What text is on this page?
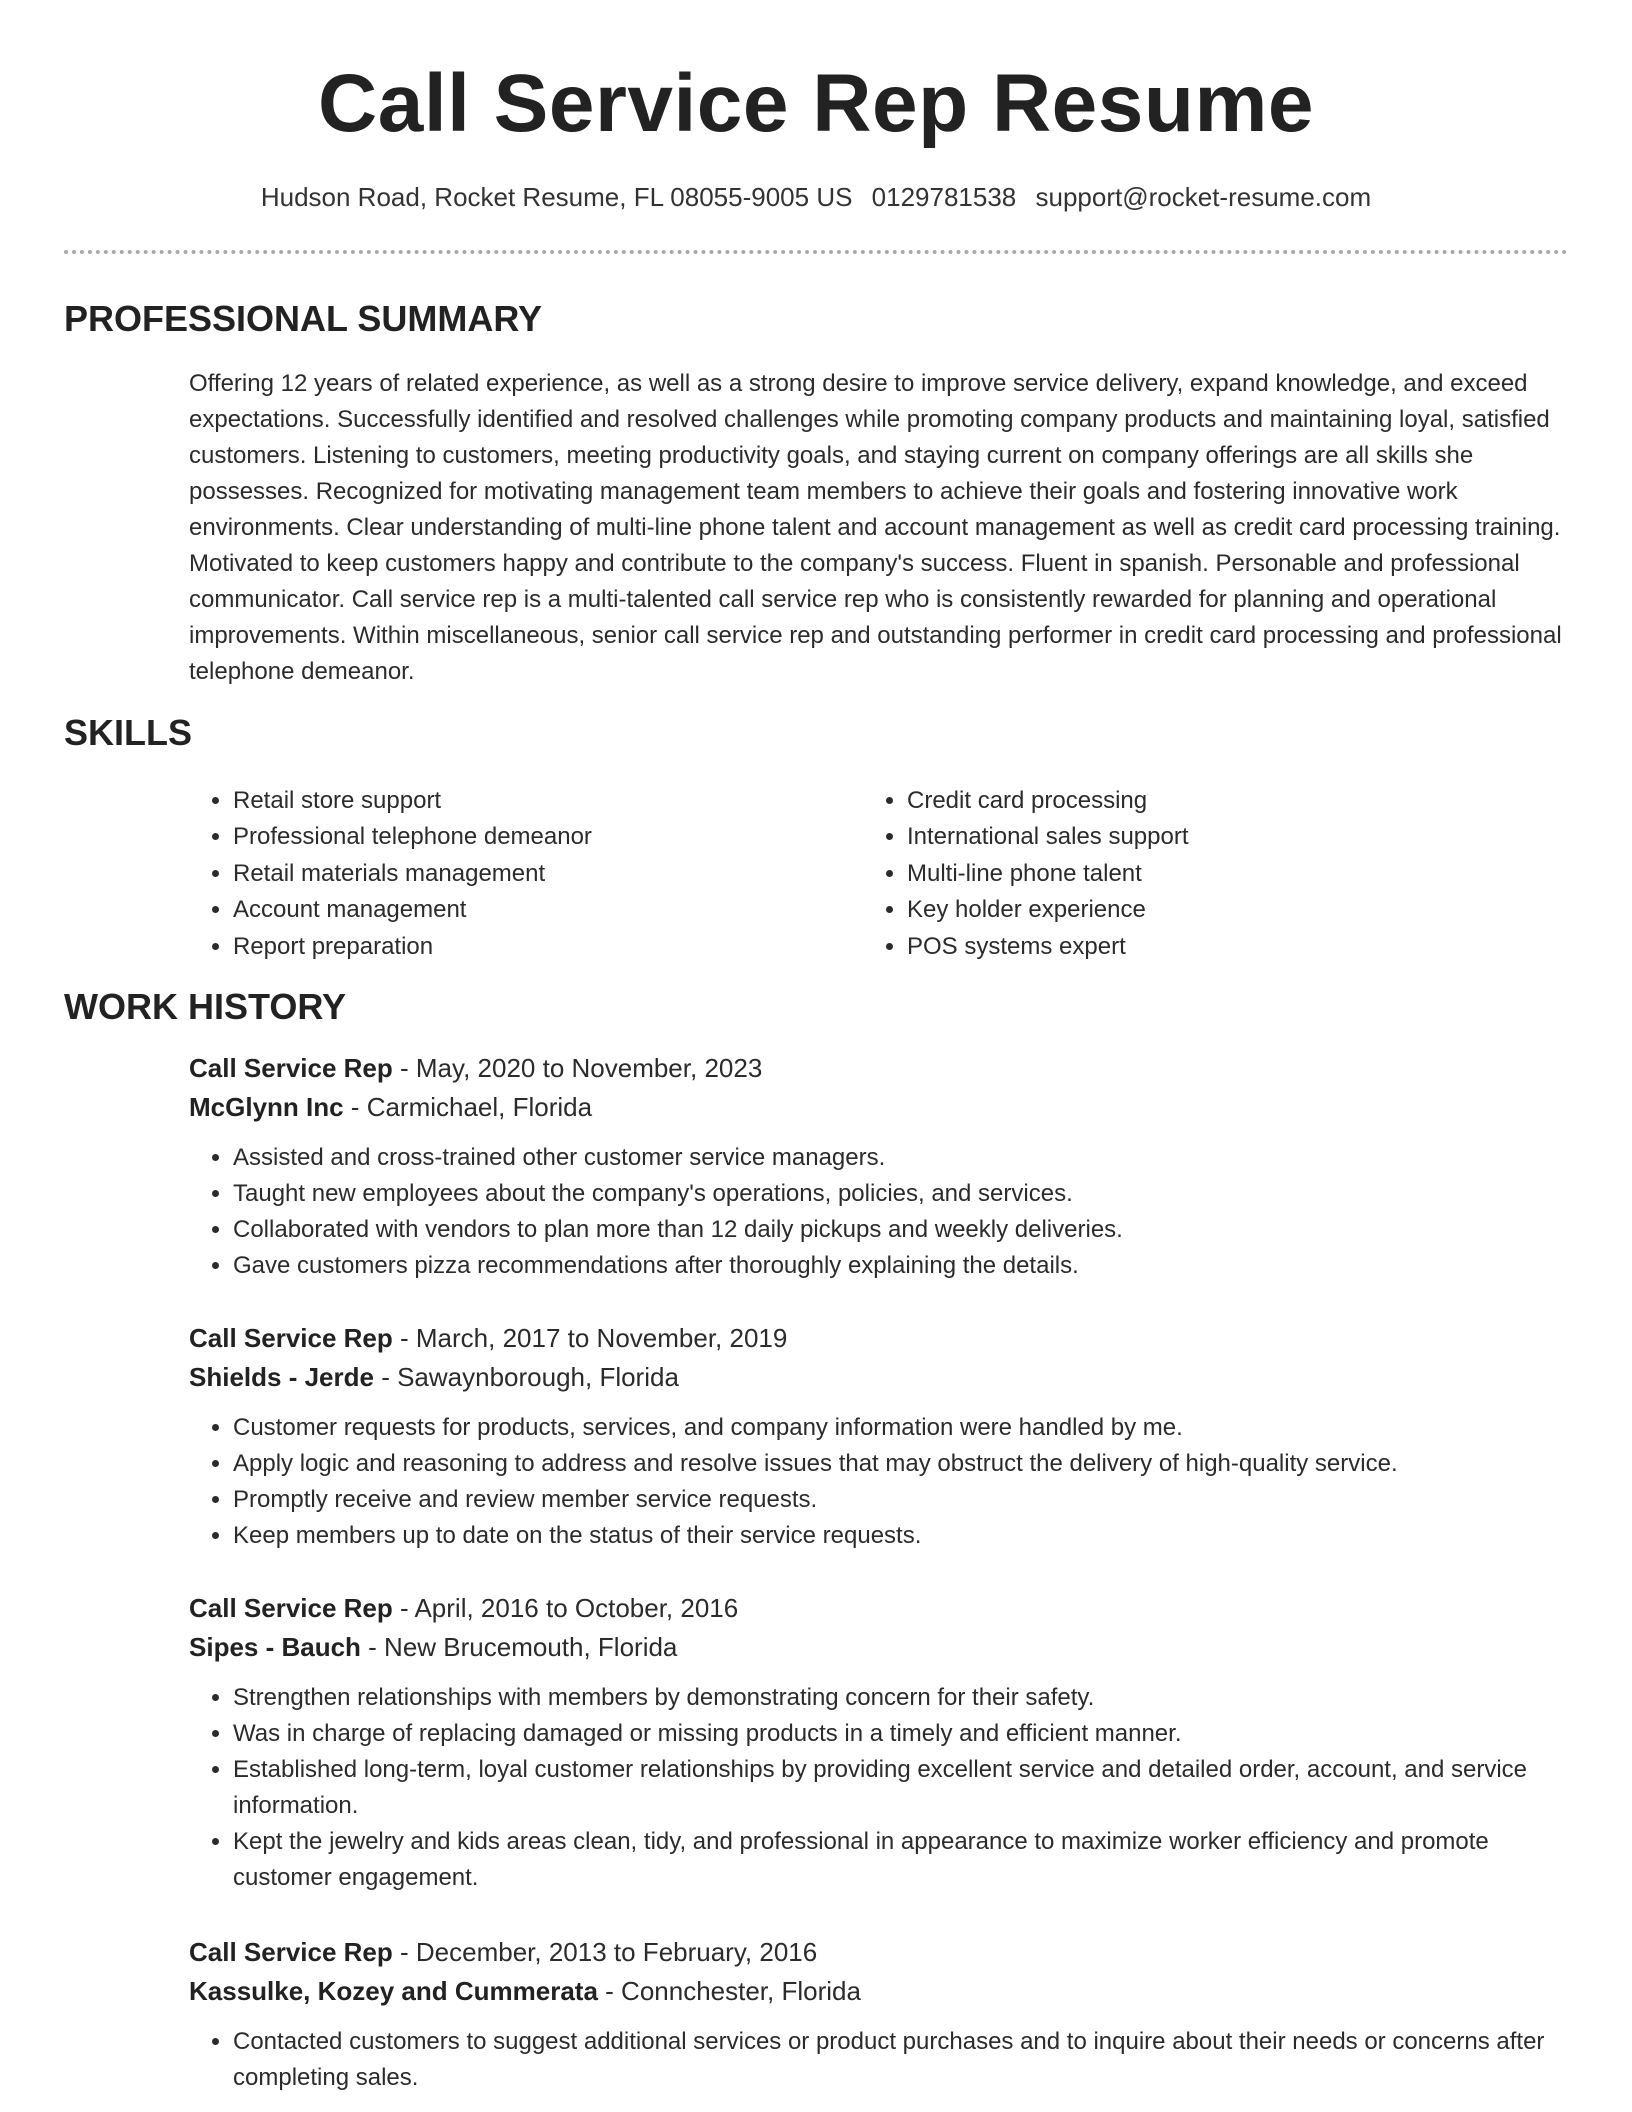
Call Service Rep Resume
Hudson Road, Rocket Resume, FL 08055-9005 US 0129781538 support@rocket-resume.com
PROFESSIONAL SUMMARY
Offering 12 years of related experience, as well as a strong desire to improve service delivery, expand knowledge, and exceed expectations. Successfully identified and resolved challenges while promoting company products and maintaining loyal, satisfied customers. Listening to customers, meeting productivity goals, and staying current on company offerings are all skills she possesses. Recognized for motivating management team members to achieve their goals and fostering innovative work environments. Clear understanding of multi-line phone talent and account management as well as credit card processing training. Motivated to keep customers happy and contribute to the company's success. Fluent in spanish. Personable and professional communicator. Call service rep is a multi-talented call service rep who is consistently rewarded for planning and operational improvements. Within miscellaneous, senior call service rep and outstanding performer in credit card processing and professional telephone demeanor.
SKILLS
• Retail store support
• Professional telephone demeanor
• Retail materials management
• Account management
• Report preparation
• Credit card processing
• International sales support
• Multi-line phone talent
• Key holder experience
• POS systems expert
WORK HISTORY
Call Service Rep - May, 2020 to November, 2023
McGlynn Inc - Carmichael, Florida
• Assisted and cross-trained other customer service managers.
• Taught new employees about the company's operations, policies, and services.
• Collaborated with vendors to plan more than 12 daily pickups and weekly deliveries.
• Gave customers pizza recommendations after thoroughly explaining the details.
Call Service Rep - March, 2017 to November, 2019
Shields - Jerde - Sawaynborough, Florida
• Customer requests for products, services, and company information were handled by me.
• Apply logic and reasoning to address and resolve issues that may obstruct the delivery of high-quality service.
• Promptly receive and review member service requests.
• Keep members up to date on the status of their service requests.
Call Service Rep - April, 2016 to October, 2016
Sipes - Bauch - New Brucemouth, Florida
• Strengthen relationships with members by demonstrating concern for their safety.
• Was in charge of replacing damaged or missing products in a timely and efficient manner.
• Established long-term, loyal customer relationships by providing excellent service and detailed order, account, and service information.
• Kept the jewelry and kids areas clean, tidy, and professional in appearance to maximize worker efficiency and promote customer engagement.
Call Service Rep - December, 2013 to February, 2016
Kassulke, Kozey and Cummerata - Connchester, Florida
• Contacted customers to suggest additional services or product purchases and to inquire about their needs or concerns after completing sales.
